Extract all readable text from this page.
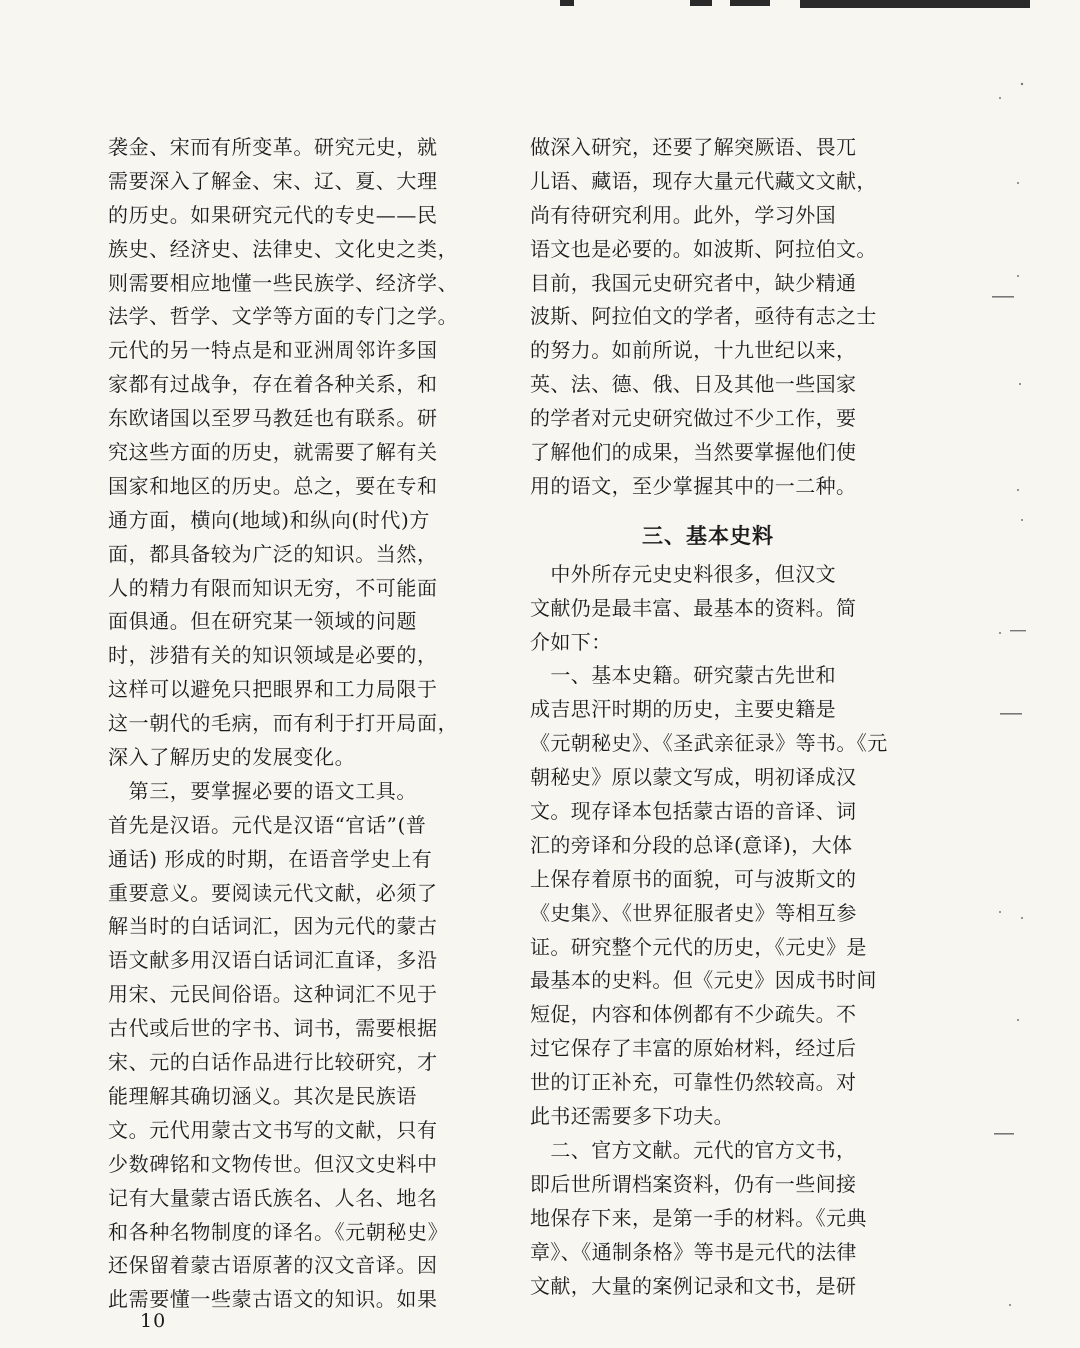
袭金、宋而有所变革。研究元史，就
需要深入了解金、宋、辽、夏、大理
的历史。如果研究元代的专史——民
族史、经济史、法律史、文化史之类，
则需要相应地懂一些民族学、经济学、
法学、哲学、文学等方面的专门之学。
元代的另一特点是和亚洲周邻许多国
家都有过战争，存在着各种关系，和
东欧诸国以至罗马教廷也有联系。研
究这些方面的历史，就需要了解有关
国家和地区的历史。总之，要在专和
通方面，横向(地域)和纵向(时代)方
面，都具备较为广泛的知识。当然，
人的精力有限而知识无穷，不可能面
面俱通。但在研究某一领域的问题
时，涉猎有关的知识领域是必要的，
这样可以避免只把眼界和工力局限于
这一朝代的毛病，而有利于打开局面，
深入了解历史的发展变化。
　第三，要掌握必要的语文工具。
首先是汉语。元代是汉语“官话”(普
通话) 形成的时期，在语音学史上有
重要意义。要阅读元代文献，必须了
解当时的白话词汇，因为元代的蒙古
语文献多用汉语白话词汇直译，多沿
用宋、元民间俗语。这种词汇不见于
古代或后世的字书、词书，需要根据
宋、元的白话作品进行比较研究，才
能理解其确切涵义。其次是民族语
文。元代用蒙古文书写的文献，只有
少数碑铭和文物传世。但汉文史料中
记有大量蒙古语氏族名、人名、地名
和各种名物制度的译名。《元朝秘史》
还保留着蒙古语原著的汉文音译。因
此需要懂一些蒙古语文的知识。如果
做深入研究，还要了解突厥语、畏兀
儿语、藏语，现存大量元代藏文文献，
尚有待研究利用。此外，学习外国
语文也是必要的。如波斯、阿拉伯文。
目前，我国元史研究者中，缺少精通
波斯、阿拉伯文的学者，亟待有志之士
的努力。如前所说，十九世纪以来，
英、法、德、俄、日及其他一些国家
的学者对元史研究做过不少工作，要
了解他们的成果，当然要掌握他们使
用的语文，至少掌握其中的一二种。
三、基本史料
　中外所存元史史料很多，但汉文
文献仍是最丰富、最基本的资料。简
介如下：
　一、基本史籍。研究蒙古先世和
成吉思汗时期的历史，主要史籍是
《元朝秘史》、《圣武亲征录》等书。《元
朝秘史》原以蒙文写成，明初译成汉
文。现存译本包括蒙古语的音译、词
汇的旁译和分段的总译(意译)，大体
上保存着原书的面貌，可与波斯文的
《史集》、《世界征服者史》等相互参
证。研究整个元代的历史，《元史》是
最基本的史料。但《元史》因成书时间
短促，内容和体例都有不少疏失。不
过它保存了丰富的原始材料，经过后
世的订正补充，可靠性仍然较高。对
此书还需要多下功夫。
　二、官方文献。元代的官方文书，
即后世所谓档案资料，仍有一些间接
地保存下来，是第一手的材料。《元典
章》、《通制条格》等书是元代的法律
文献，大量的案例记录和文书，是研
10
